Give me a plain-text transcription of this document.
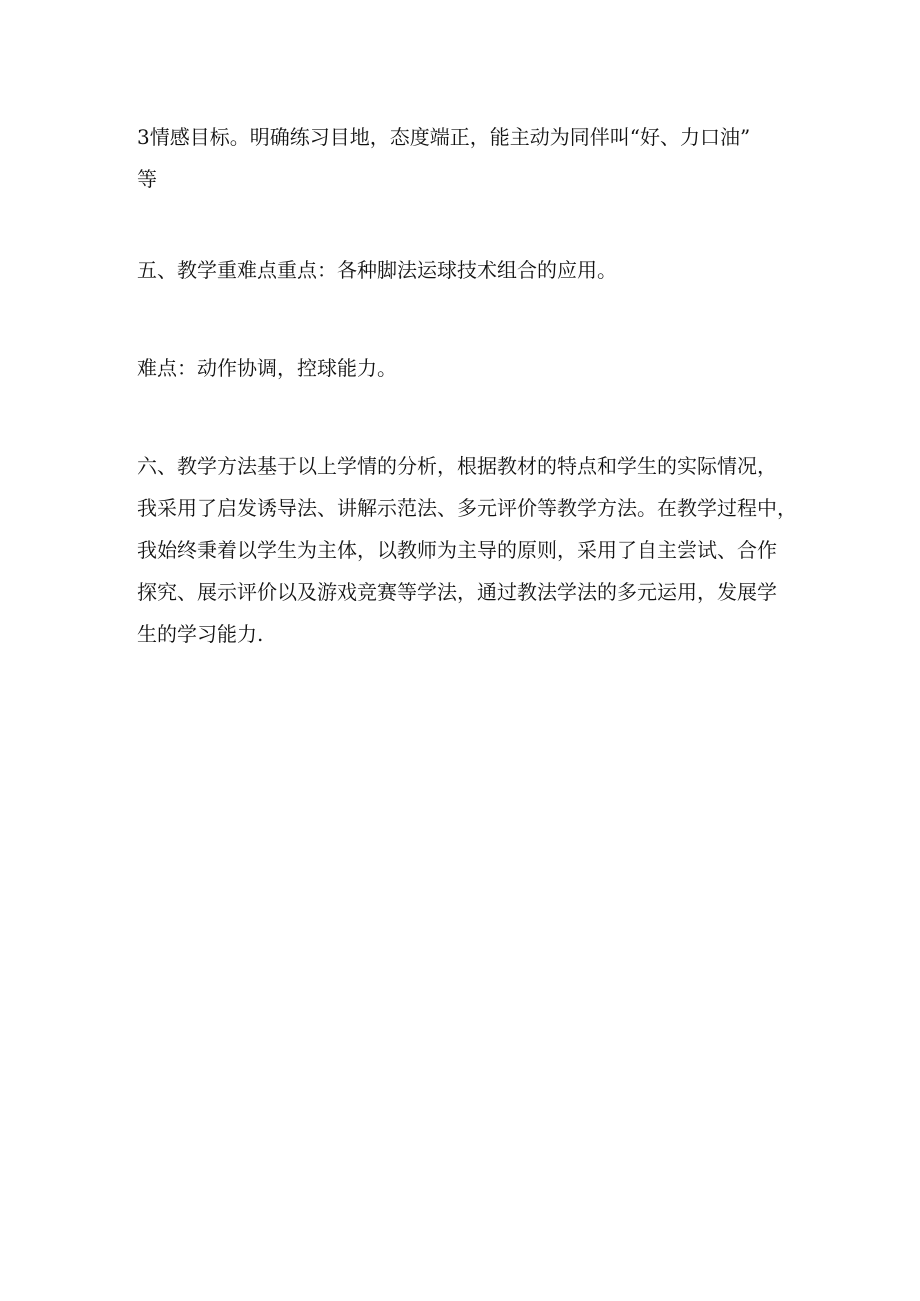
3情感目标。明确练习目地，态度端正，能主动为同伴叫“好、力口油”
等

五、教学重难点重点：各种脚法运球技术组合的应用。

难点：动作协调，控球能力。

六、教学方法基于以上学情的分析，根据教材的特点和学生的实际情况，
我采用了启发诱导法、讲解示范法、多元评价等教学方法。在教学过程中，
我始终秉着以学生为主体，以教师为主导的原则，采用了自主尝试、合作
探究、展示评价以及游戏竞赛等学法，通过教法学法的多元运用，发展学
生的学习能力.
